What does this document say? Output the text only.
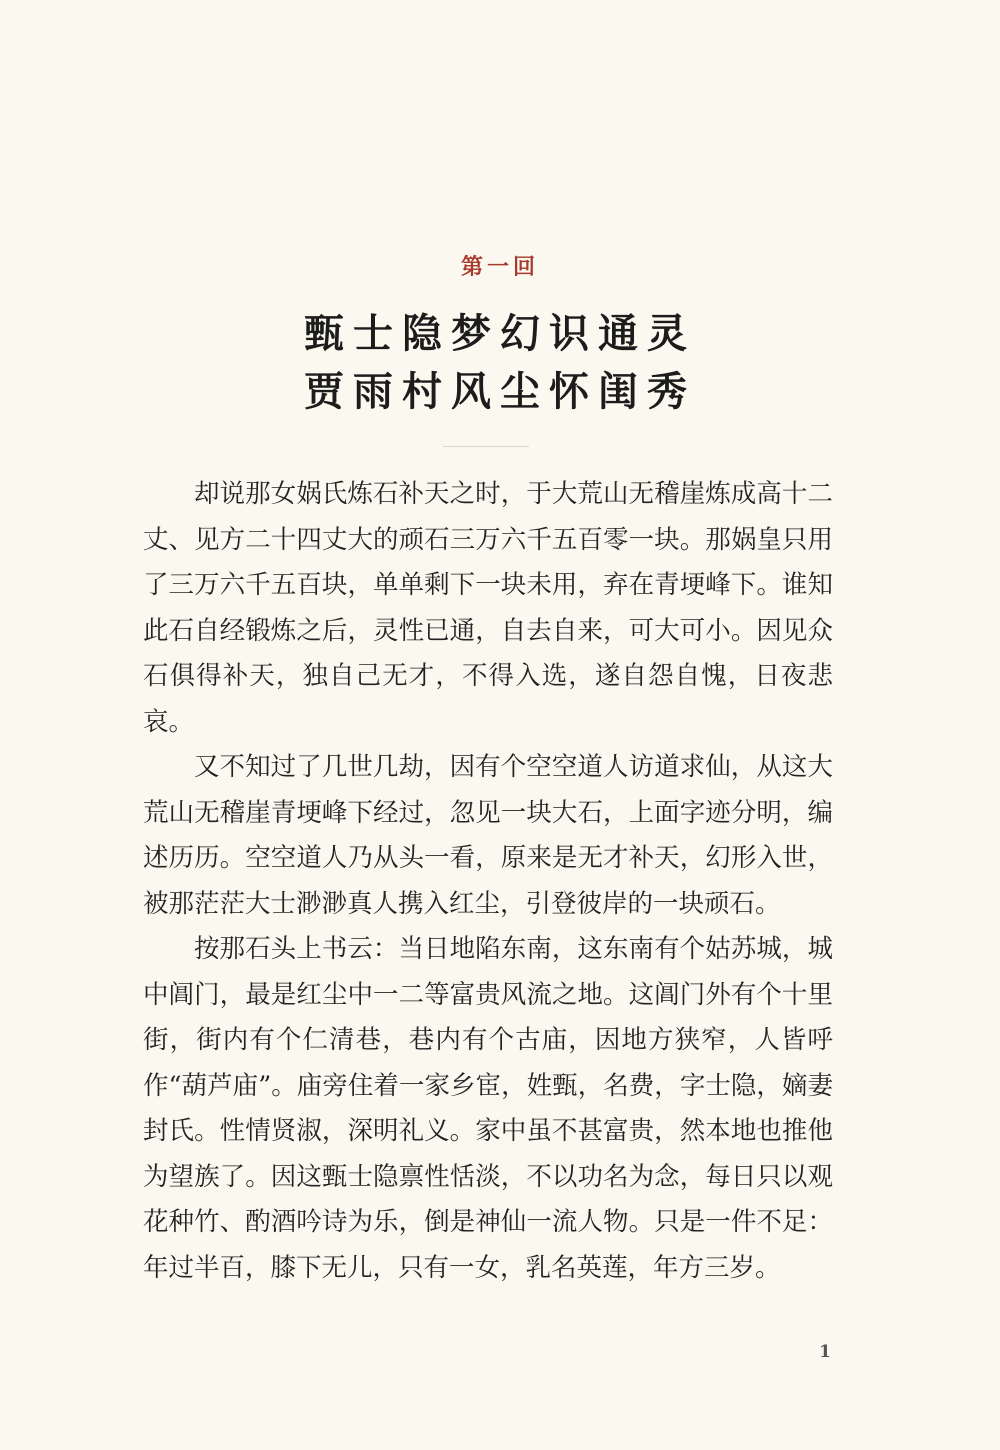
第一回
甄士隐梦幻识通灵
贾雨村风尘怀闺秀

却说那女娲氏炼石补天之时，于大荒山无稽崖炼成高十二丈、见方二十四丈大的顽石三万六千五百零一块。那娲皇只用了三万六千五百块，单单剩下一块未用，弃在青埂峰下。谁知此石自经锻炼之后，灵性已通，自去自来，可大可小。因见众石俱得补天，独自己无才，不得入选，遂自怨自愧，日夜悲哀。

又不知过了几世几劫，因有个空空道人访道求仙，从这大荒山无稽崖青埂峰下经过，忽见一块大石，上面字迹分明，编述历历。空空道人乃从头一看，原来是无才补天，幻形入世，被那茫茫大士渺渺真人携入红尘，引登彼岸的一块顽石。

按那石头上书云：当日地陷东南，这东南有个姑苏城，城中阊门，最是红尘中一二等富贵风流之地。这阊门外有个十里街，街内有个仁清巷，巷内有个古庙，因地方狭窄，人皆呼作“葫芦庙”。庙旁住着一家乡宦，姓甄，名费，字士隐，嫡妻封氏。性情贤淑，深明礼义。家中虽不甚富贵，然本地也推他为望族了。因这甄士隐禀性恬淡，不以功名为念，每日只以观花种竹、酌酒吟诗为乐，倒是神仙一流人物。只是一件不足：年过半百，膝下无儿，只有一女，乳名英莲，年方三岁。

1
